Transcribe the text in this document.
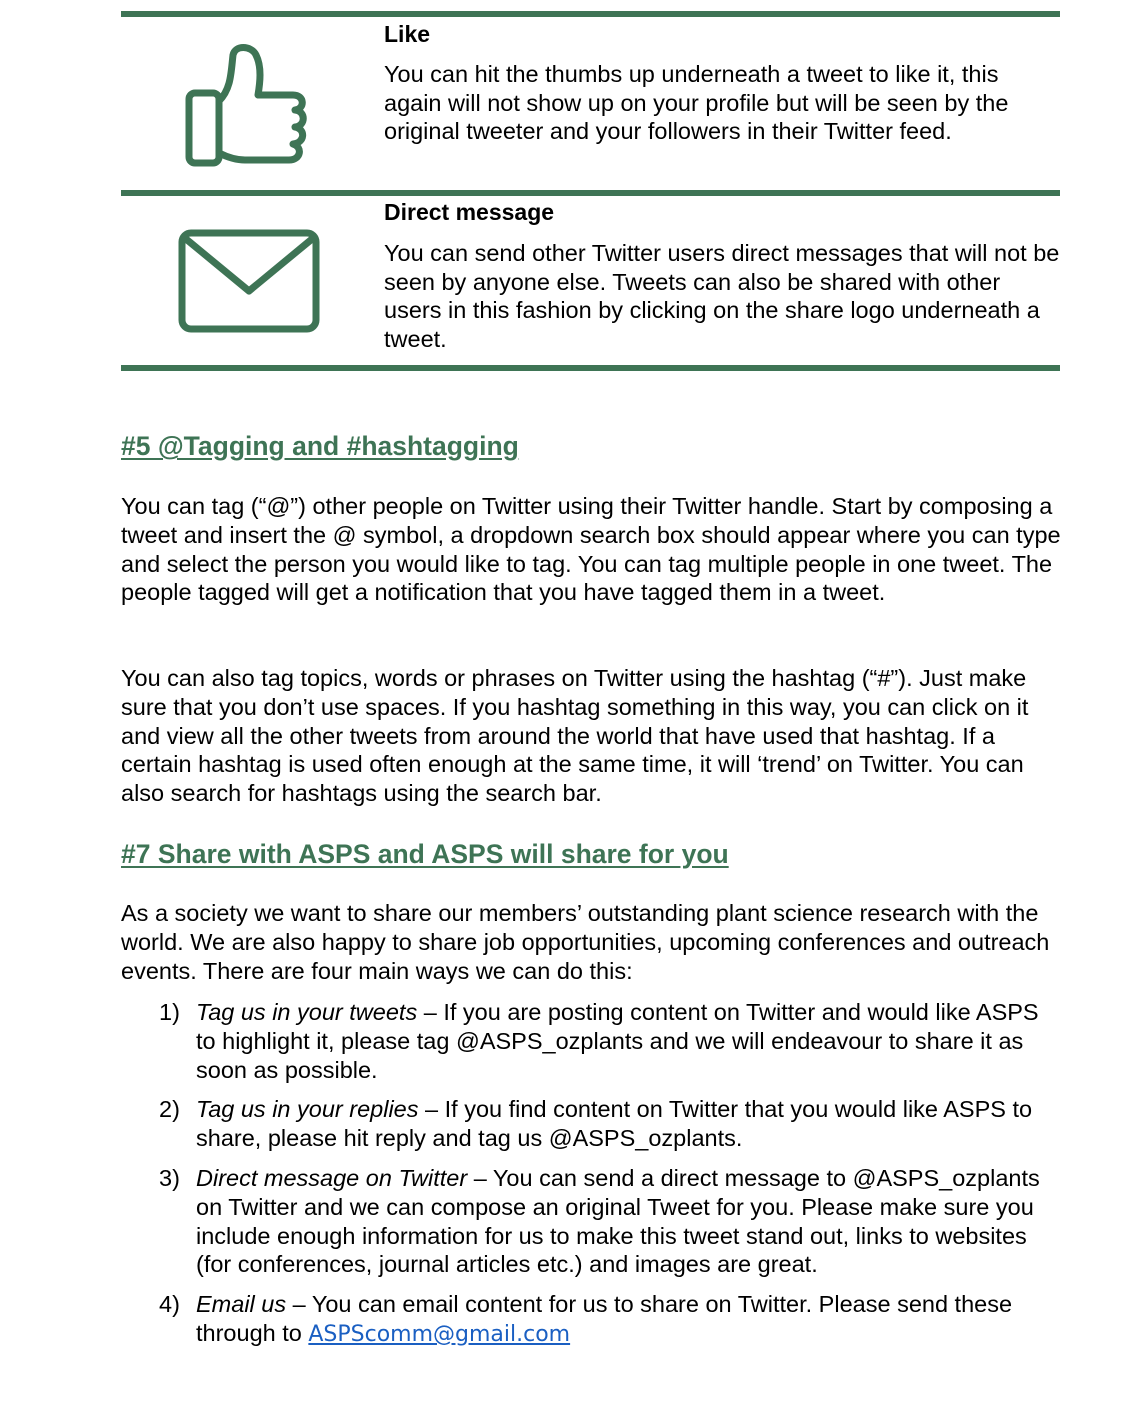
Like

You can hit the thumbs up underneath a tweet to like it, this again will not show up on your profile but will be seen by the original tweeter and your followers in their Twitter feed.

Direct message

You can send other Twitter users direct messages that will not be seen by anyone else. Tweets can also be shared with other users in this fashion by clicking on the share logo underneath a tweet.

#5 @Tagging and #hashtagging

You can tag (“@”) other people on Twitter using their Twitter handle. Start by composing a tweet and insert the @ symbol, a dropdown search box should appear where you can type and select the person you would like to tag. You can tag multiple people in one tweet. The people tagged will get a notification that you have tagged them in a tweet.

You can also tag topics, words or phrases on Twitter using the hashtag (“#”). Just make sure that you don’t use spaces. If you hashtag something in this way, you can click on it and view all the other tweets from around the world that have used that hashtag. If a certain hashtag is used often enough at the same time, it will ‘trend’ on Twitter. You can also search for hashtags using the search bar.

#7 Share with ASPS and ASPS will share for you

As a society we want to share our members’ outstanding plant science research with the world. We are also happy to share job opportunities, upcoming conferences and outreach events. There are four main ways we can do this:

1) Tag us in your tweets – If you are posting content on Twitter and would like ASPS to highlight it, please tag @ASPS_ozplants and we will endeavour to share it as soon as possible.
2) Tag us in your replies – If you find content on Twitter that you would like ASPS to share, please hit reply and tag us @ASPS_ozplants.
3) Direct message on Twitter – You can send a direct message to @ASPS_ozplants on Twitter and we can compose an original Tweet for you. Please make sure you include enough information for us to make this tweet stand out, links to websites (for conferences, journal articles etc.) and images are great.
4) Email us – You can email content for us to share on Twitter. Please send these through to ASPScomm@gmail.com
